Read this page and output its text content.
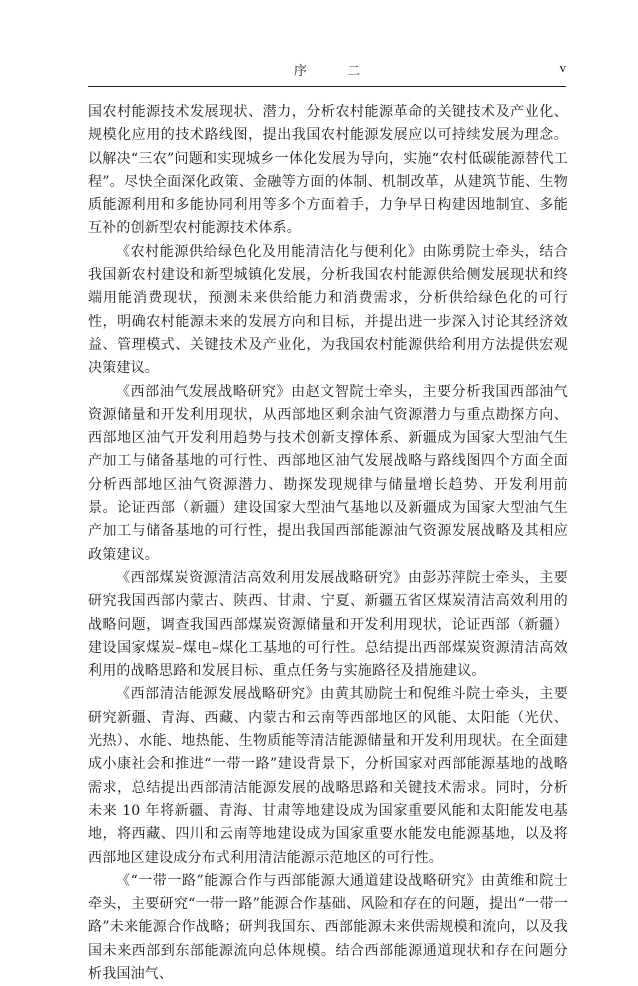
序 二	v

国农村能源技术发展现状、潜力，分析农村能源革命的关键技术及产业化、规模化应用的技术路线图，提出我国农村能源发展应以可持续发展为理念。以解决“三农”问题和实现城乡一体化发展为导向，实施“农村低碳能源替代工程”。尽快全面深化政策、金融等方面的体制、机制改革，从建筑节能、生物质能源利用和多能协同利用等多个方面着手，力争早日构建因地制宜、多能互补的创新型农村能源技术体系。

《农村能源供给绿色化及用能清洁化与便利化》由陈勇院士牵头，结合我国新农村建设和新型城镇化发展，分析我国农村能源供给侧发展现状和终端用能消费现状，预测未来供给能力和消费需求，分析供给绿色化的可行性，明确农村能源未来的发展方向和目标，并提出进一步深入讨论其经济效益、管理模式、关键技术及产业化，为我国农村能源供给利用方法提供宏观决策建议。

《西部油气发展战略研究》由赵文智院士牵头，主要分析我国西部油气资源储量和开发利用现状，从西部地区剩余油气资源潜力与重点勘探方向、西部地区油气开发利用趋势与技术创新支撑体系、新疆成为国家大型油气生产加工与储备基地的可行性、西部地区油气发展战略与路线图四个方面全面分析西部地区油气资源潜力、勘探发现规律与储量增长趋势、开发利用前景。论证西部（新疆）建设国家大型油气基地以及新疆成为国家大型油气生产加工与储备基地的可行性，提出我国西部能源油气资源发展战略及其相应政策建议。

《西部煤炭资源清洁高效利用发展战略研究》由彭苏萍院士牵头，主要研究我国西部内蒙古、陕西、甘肃、宁夏、新疆五省区煤炭清洁高效利用的战略问题，调查我国西部煤炭资源储量和开发利用现状，论证西部（新疆）建设国家煤炭–煤电–煤化工基地的可行性。总结提出西部煤炭资源清洁高效利用的战略思路和发展目标、重点任务与实施路径及措施建议。

《西部清洁能源发展战略研究》由黄其励院士和倪维斗院士牵头，主要研究新疆、青海、西藏、内蒙古和云南等西部地区的风能、太阳能（光伏、光热）、水能、地热能、生物质能等清洁能源储量和开发利用现状。在全面建成小康社会和推进“一带一路”建设背景下，分析国家对西部能源基地的战略需求，总结提出西部清洁能源发展的战略思路和关键技术需求。同时，分析未来 10 年将新疆、青海、甘肃等地建设成为国家重要风能和太阳能发电基地，将西藏、四川和云南等地建设成为国家重要水能发电能源基地，以及将西部地区建设成分布式利用清洁能源示范地区的可行性。

《“一带一路”能源合作与西部能源大通道建设战略研究》由黄维和院士牵头，主要研究“一带一路”能源合作基础、风险和存在的问题，提出“一带一路”未来能源合作战略；研判我国东、西部能源未来供需规模和流向，以及我国未来西部到东部能源流向总体规模。结合西部能源通道现状和存在问题分析我国油气、
